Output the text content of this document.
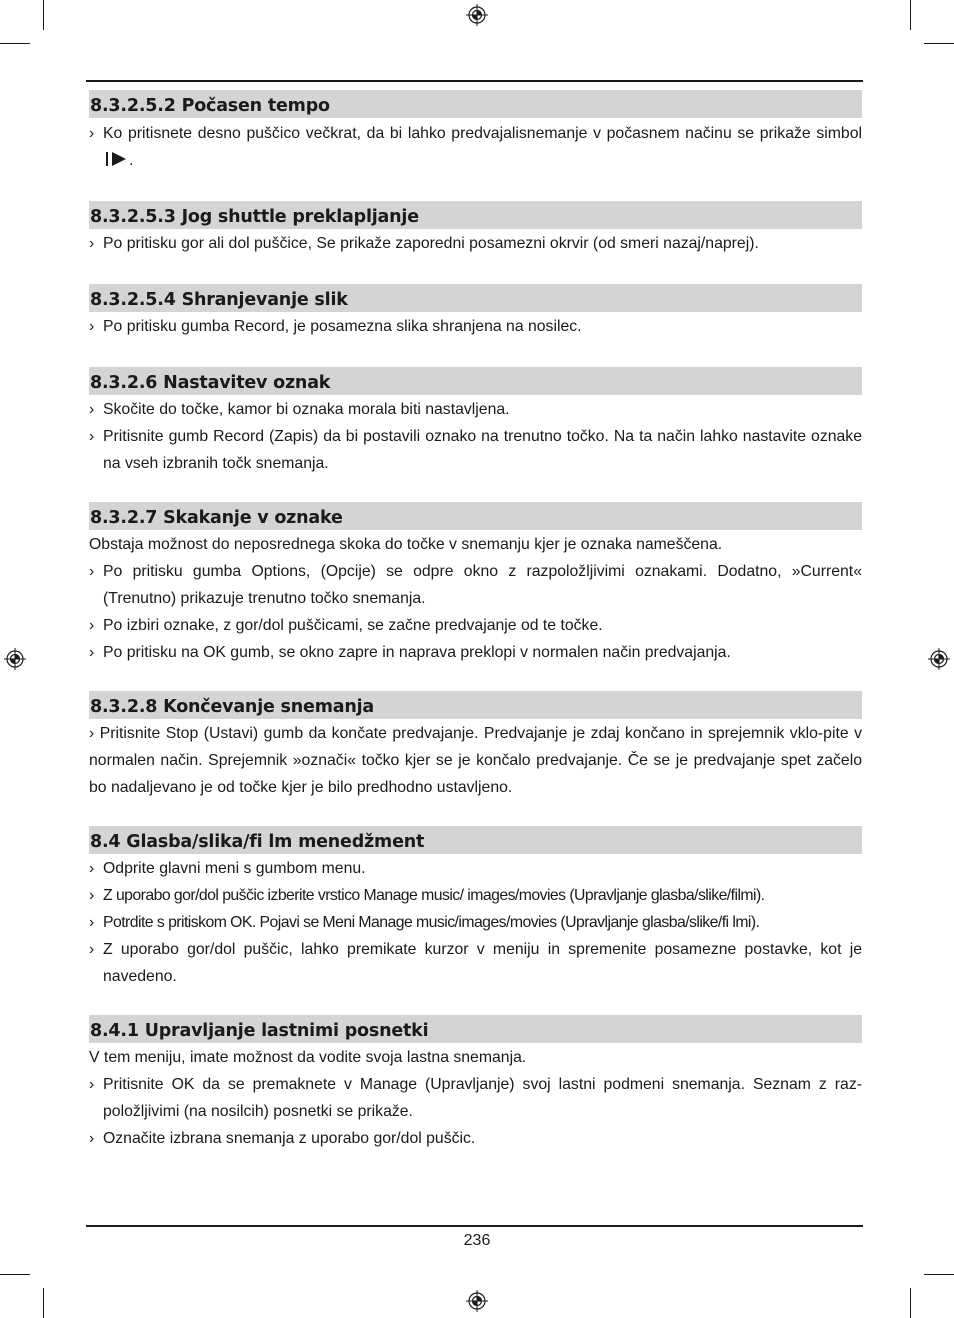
8.3.2.5.2 Počasen tempo
› Ko pritisnete desno puščico večkrat, da bi lahko predvajalisnemanje v počasnem načinu se prikaže simbol.
8.3.2.5.3 Jog shuttle preklapljanje
› Po pritisku gor ali dol puščice, Se prikaže zaporedni posamezni okrvir (od smeri nazaj/naprej).
8.3.2.5.4 Shranjevanje slik
› Po pritisku gumba Record, je posamezna slika shranjena na nosilec.
8.3.2.6 Nastavitev oznak
› Skočite do točke, kamor bi oznaka morala biti nastavljena.
› Pritisnite gumb Record (Zapis) da bi postavili oznako na trenutno točko. Na ta način lahko nastavite oznake na vseh izbranih točk snemanja.
8.3.2.7 Skakanje v oznake
Obstaja možnost do neposrednega skoka do točke v snemanju kjer je oznaka nameščena.
› Po pritisku gumba Options, (Opcije) se odpre okno z razpoložljivimi oznakami. Dodatno, »Current« (Trenutno) prikazuje trenutno točko snemanja.
› Po izbiri oznake, z gor/dol puščicami, se začne predvajanje od te točke.
› Po pritisku na OK gumb, se okno zapre in naprava preklopi v normalen način predvajanja.
8.3.2.8 Končevanje snemanja
› Pritisnite Stop (Ustavi) gumb da končate predvajanje. Predvajanje je zdaj končano in sprejemnik vklo-pite v normalen način. Sprejemnik »označi« točko kjer se je končalo predvajanje. Če se je predvajanje spet začelo bo nadaljevano je od točke kjer je bilo predhodno ustavljeno.
8.4 Glasba/slika/fi lm menedžment
› Odprite glavni meni s gumbom menu.
› Z uporabo gor/dol puščic izberite vrstico Manage music/ images/movies (Upravljanje glasba/slike/filmi).
› Potrdite s pritiskom OK. Pojavi se Meni Manage music/images/movies (Upravljanje glasba/slike/fi lmi).
› Z uporabo gor/dol puščic, lahko premikate kurzor v meniju in spremenite posamezne postavke, kot je navedeno.
8.4.1 Upravljanje lastnimi posnetki
V tem meniju, imate možnost da vodite svoja lastna snemanja.
› Pritisnite OK da se premaknete v Manage (Upravljanje) svoj lastni podmeni snemanja. Seznam z raz-položljivimi (na nosilcih) posnetki se prikaže.
› Označite izbrana snemanja z uporabo gor/dol puščic.
236
